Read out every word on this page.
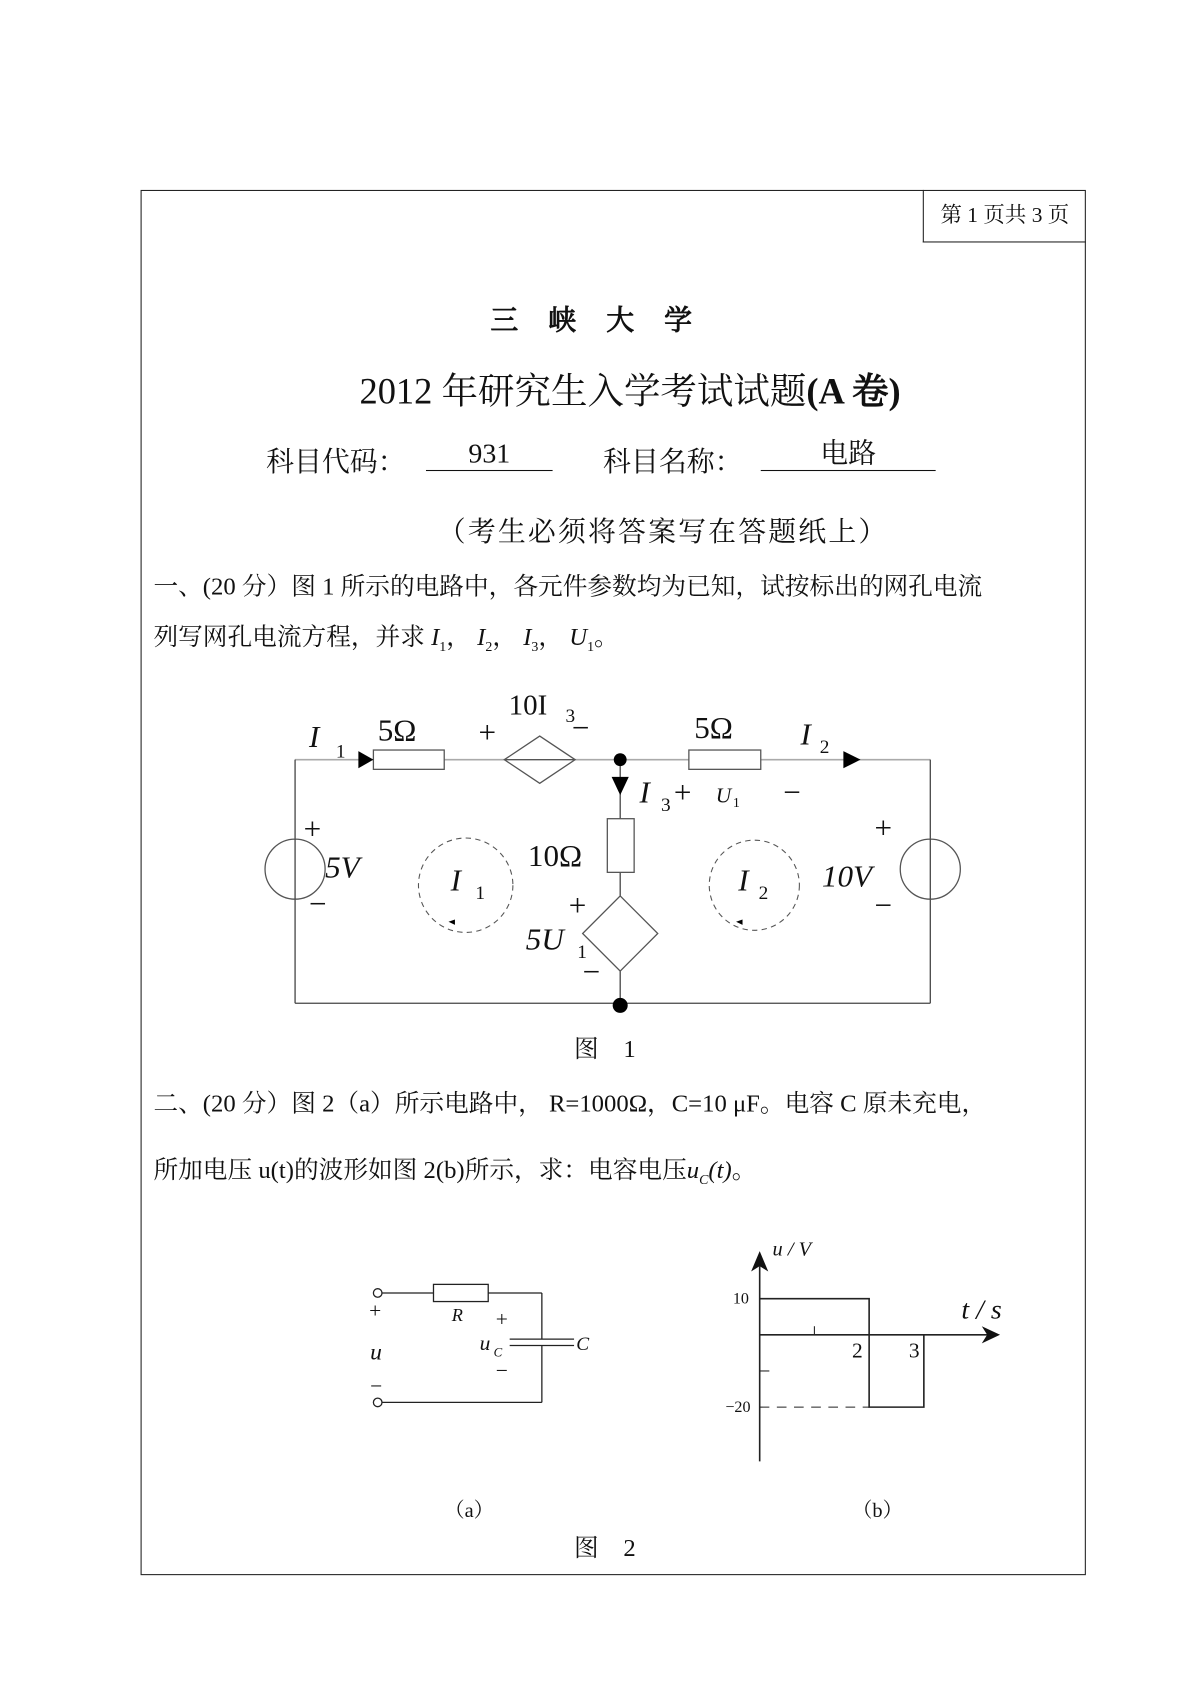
第 1 页共 3 页
三峡大学
2012 年研究生入学考试试题(A 卷)
科目代码：	931	科目名称：	电路
（考生必须将答案写在答题纸上）
一、(20 分）图 1 所示的电路中，各元件参数均为已知，试按标出的网孔电流
列写网孔电流方程，并求 $I_1$， $I_2$， $I_3$， $U_1$。
I 1
5Ω +
10I 3
−	5Ω I 2
I 3 + U 1 −
10Ω
+
5U 1
−
+
5V
−
I 1	I 2
+
10V
−
图　1
二、(20 分）图 2（a）所示电路中， R=1000Ω，C=10 μF。电容 C 原未充电，
所加电压 u(t)的波形如图 2(b)所示，求：电容电压$u_C(t)$。
+
u
−
R +
u C
−
C
u / V
t / s
10
−20
2 3
（a）	（b）
图　2
